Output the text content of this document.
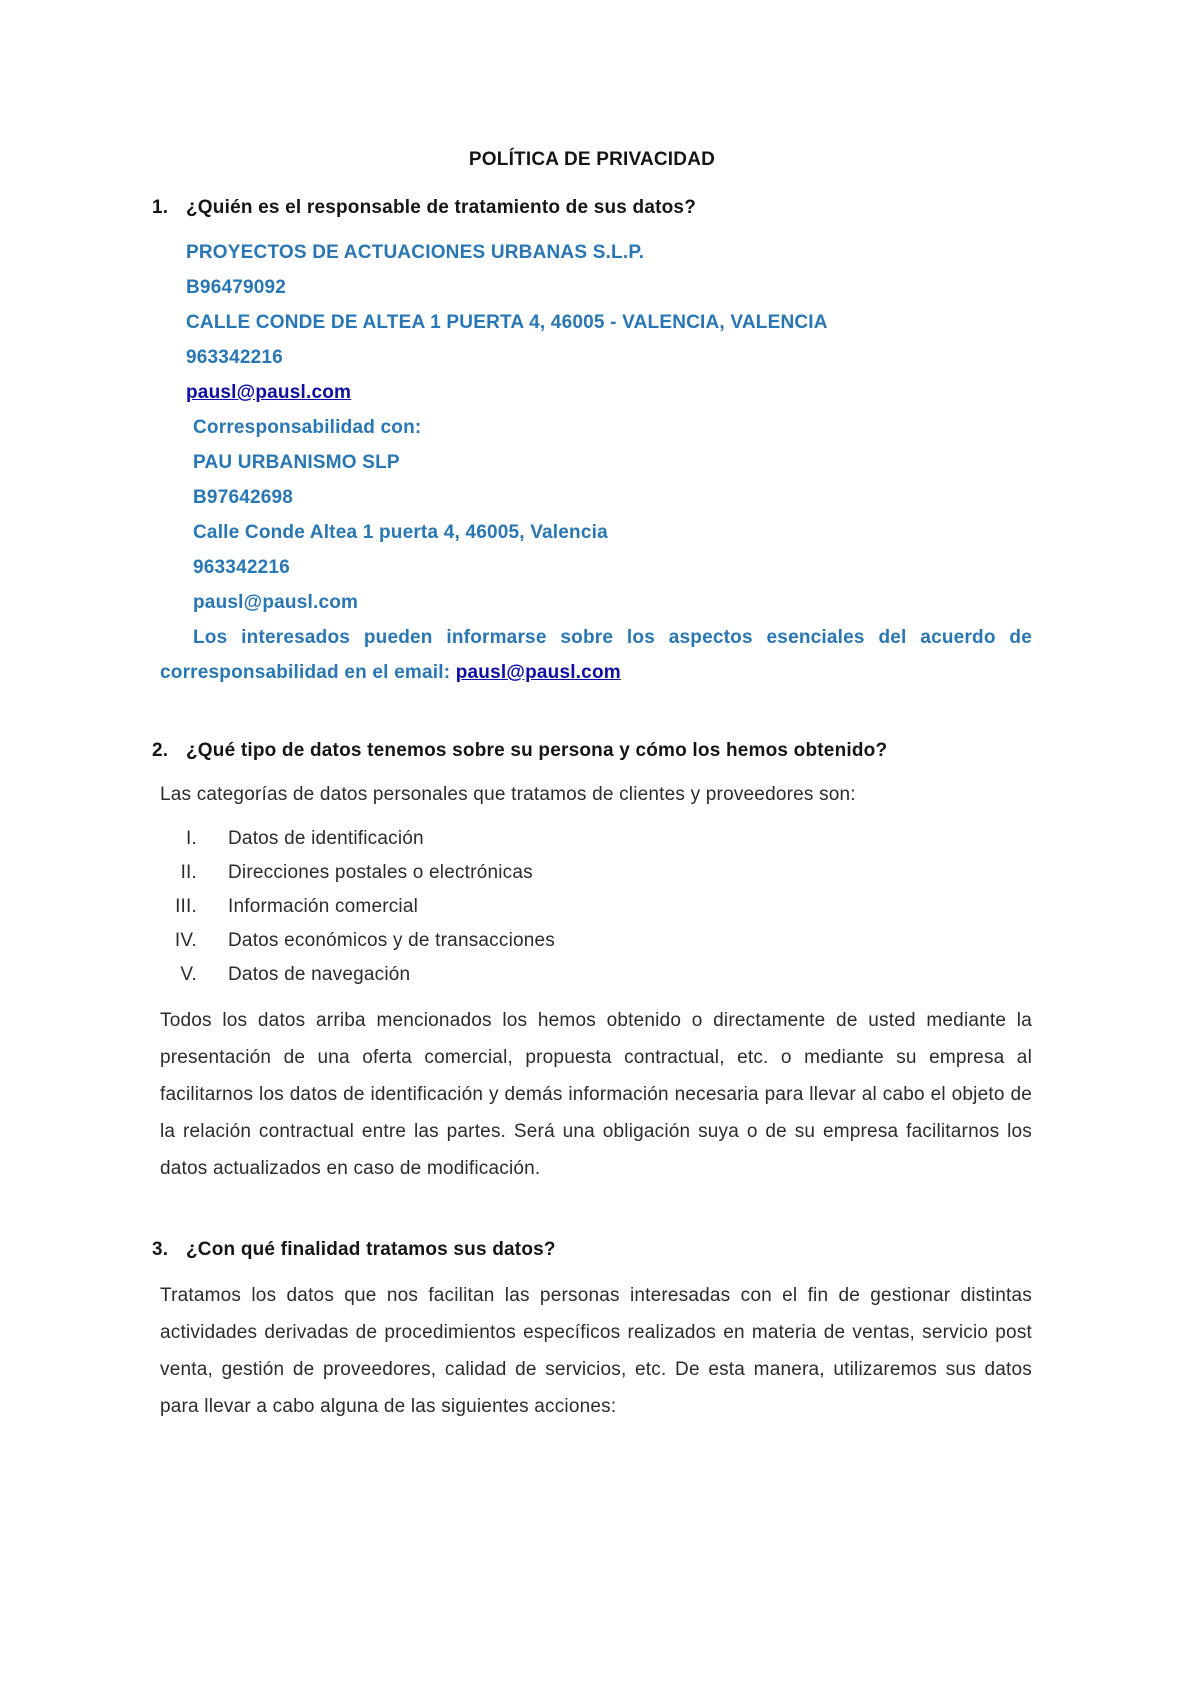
POLÍTICA DE PRIVACIDAD

1. ¿Quién es el responsable de tratamiento de sus datos?

PROYECTOS DE ACTUACIONES URBANAS S.L.P.

B96479092

CALLE CONDE DE ALTEA 1 PUERTA 4, 46005 - VALENCIA, VALENCIA

963342216

pausl@pausl.com

Corresponsabilidad con:

PAU URBANISMO SLP

B97642698

Calle Conde Altea 1 puerta 4, 46005, Valencia

963342216

pausl@pausl.com

Los interesados pueden informarse sobre los aspectos esenciales del acuerdo de corresponsabilidad en el email: pausl@pausl.com

2. ¿Qué tipo de datos tenemos sobre su persona y cómo los hemos obtenido?

Las categorías de datos personales que tratamos de clientes y proveedores son:

I. Datos de identificación
II. Direcciones postales o electrónicas
III. Información comercial
IV. Datos económicos y de transacciones
V. Datos de navegación

Todos los datos arriba mencionados los hemos obtenido o directamente de usted mediante la presentación de una oferta comercial, propuesta contractual, etc. o mediante su empresa al facilitarnos los datos de identificación y demás información necesaria para llevar al cabo el objeto de la relación contractual entre las partes. Será una obligación suya o de su empresa facilitarnos los datos actualizados en caso de modificación.

3. ¿Con qué finalidad tratamos sus datos?

Tratamos los datos que nos facilitan las personas interesadas con el fin de gestionar distintas actividades derivadas de procedimientos específicos realizados en materia de ventas, servicio post venta, gestión de proveedores, calidad de servicios, etc. De esta manera, utilizaremos sus datos para llevar a cabo alguna de las siguientes acciones:
